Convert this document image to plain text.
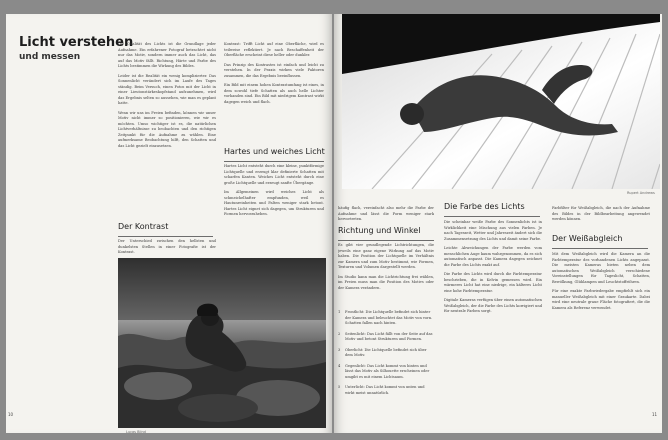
Licht verstehen
und messen

Die Qualität des Lichts ist die Grundlage jeder Aufnahme. Ein erfahrener Fotograf betrachtet nicht nur das Motiv, sondern immer auch das Licht, das auf das Motiv fällt. Richtung, Härte und Farbe des Lichts bestimmen die Wirkung des Bildes.

Leider ist die Realität ein wenig komplizierter. Das Sonnenlicht verändert sich im Laufe des Tages ständig. Beim Versuch, einen Fotos mit der Licht in einer Lieutonstärkeskopfstand aufzunehmen, wird das Ergebnis selten so aussehen, wie man es geplant hatte.

Wenn wir uns im Freien befinden, können wir unser Motiv nicht immer so positionieren, wie wir es möchten. Umso wichtiger ist es, die natürlichen Lichtverhältnisse zu beobachten und den richtigen Zeitpunkt für die Aufnahme zu wählen. Eine aufmerksame Beobachtung hilft, den Schatten und das Licht gezielt einzusetzen.

Der Kontrast

Der Unterschied zwischen den hellsten und dunkelsten Stellen in einer Fotografie ist der Kontrast.

Kontrast: Trifft Licht auf eine Oberfläche, wird es teilweise reflektiert. Je nach Beschaffenheit der Oberfläche erscheint diese heller oder dunkler.

Das Prinzip des Kontrastes ist einfach und leicht zu verstehen. In der Praxis wirken viele Faktoren zusammen, die das Ergebnis beeinflussen.

Ein Bild mit einem hohen Kontrastumfang ist eines, in dem sowohl tiefe Schatten als auch helle Lichter vorhanden sind. Ein Bild mit niedrigem Kontrast wirkt dagegen weich und flach.

Hartes und weiches Licht

Hartes Licht entsteht durch eine kleine, punktförmige Lichtquelle und erzeugt klar definierte Schatten mit scharfen Kanten. Weiches Licht entsteht durch eine große Lichtquelle und erzeugt sanfte Übergänge.

Im Allgemeinen wird weiches Licht als schmeichelhafter empfunden, weil es Hautunreinheiten und Falten weniger stark betont. Hartes Licht eignet sich dagegen, um Strukturen und Formen hervorzuheben.

Lucas Blind
10
Rupert Andrews

häufig flach, vereinfacht also mehr die Farbe der Aufnahme und lässt die Form weniger stark hervortreten.

Richtung und Winkel

Es gibt vier grundlegende Lichtrichtungen, die jeweils eine ganz eigene Wirkung auf das Motiv haben. Die Position der Lichtquelle im Verhältnis zur Kamera und zum Motiv bestimmt, wie Formen, Texturen und Volumen dargestellt werden.

Im Studio kann man die Lichtrichtung frei wählen, im Freien muss man die Position des Motivs oder der Kamera verändern.

1 Frontlicht: Die Lichtquelle befindet sich hinter der Kamera und beleuchtet das Motiv von vorn. Schatten fallen nach hinten.
2 Seitenlicht: Das Licht fällt von der Seite auf das Motiv und betont Strukturen und Formen.
3 Oberlicht: Die Lichtquelle befindet sich über dem Motiv.
4 Gegenlicht: Das Licht kommt von hinten und lässt das Motiv als Silhouette erscheinen oder umgibt es mit einem Lichtsaum.
5 Unterlicht: Das Licht kommt von unten und wirkt meist unnatürlich.
Die Farbe des Lichts

Die scheinbar weiße Farbe des Sonnenlichts ist in Wirklichkeit eine Mischung aus vielen Farben. Je nach Tageszeit, Wetter und Jahreszeit ändert sich die Zusammensetzung des Lichts und damit seine Farbe.

Leichte Abweichungen der Farbe werden vom menschlichen Auge kaum wahrgenommen, da es sich automatisch anpasst. Die Kamera dagegen zeichnet die Farbe des Lichts exakt auf.

Die Farbe des Lichts wird durch die Farbtemperatur beschrieben, die in Kelvin gemessen wird. Ein wärmeres Licht hat eine niedrige, ein kälteres Licht eine hohe Farbtemperatur.

Digitale Kameras verfügen über einen automatischen Weißabgleich, der die Farbe des Lichts korrigiert und für neutrale Farben sorgt.

Farbfilter für Weißabgleich, die nach der Aufnahme des Bildes in der Bildbearbeitung angewendet werden können.

Der Weißabgleich

Mit dem Weißabgleich wird die Kamera an die Farbtemperatur des vorhandenen Lichts angepasst. Die meisten Kameras bieten neben dem automatischen Weißabgleich verschiedene Voreinstellungen für Tageslicht, Schatten, Bewölkung, Glühlampen und Leuchtstoffröhren.

Für eine exakte Farbwiedergabe empfiehlt sich ein manueller Weißabgleich mit einer Graukarte. Dabei wird eine neutrale graue Fläche fotografiert, die die Kamera als Referenz verwendet.

11
